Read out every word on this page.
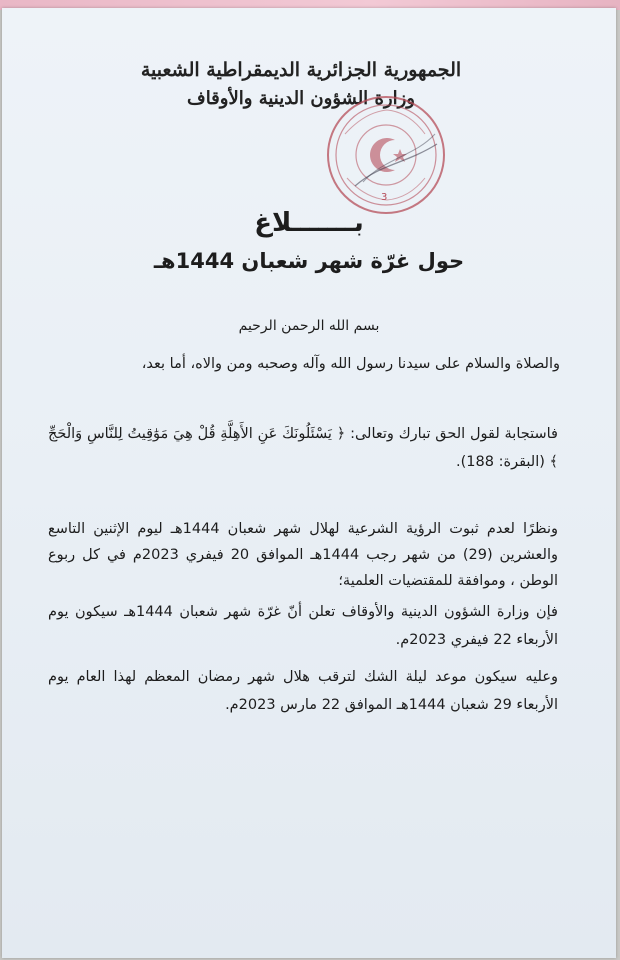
الجمهورية الجزائرية الديمقراطية الشعبية
وزارة الشؤون الدينية والأوقاف
3
بـــــــلاغ
حول غرّة شهر شعبان 1444هـ
بسم الله الرحمن الرحيم
والصلاة والسلام على سيدنا رسول الله وآله وصحبه ومن والاه، أما بعد،
فاستجابة لقول الحق تبارك وتعالى: ﴿ يَسْئَلُونَكَ عَنِ الأَهِلَّةِ قُلْ هِيَ مَوَٰقِيتُ لِلنَّاسِ وَالْحَجِّ ﴾ (البقرة: 188).
ونظرًا لعدم ثبوت الرؤية الشرعية لهلال شهر شعبان 1444هـ ليوم الإثنين التاسع والعشرين (29) من شهر رجب 1444هـ الموافق 20 فيفري 2023م في كل ربوع الوطن ، وموافقة للمقتضيات العلمية؛
فإن وزارة الشؤون الدينية والأوقاف تعلن أنّ غرّة شهر شعبان 1444هـ سيكون يوم الأربعاء 22 فيفري 2023م.
وعليه سيكون موعد ليلة الشك لترقب هلال شهر رمضان المعظم لهذا العام يوم الأربعاء 29 شعبان 1444هـ الموافق 22 مارس 2023م.
